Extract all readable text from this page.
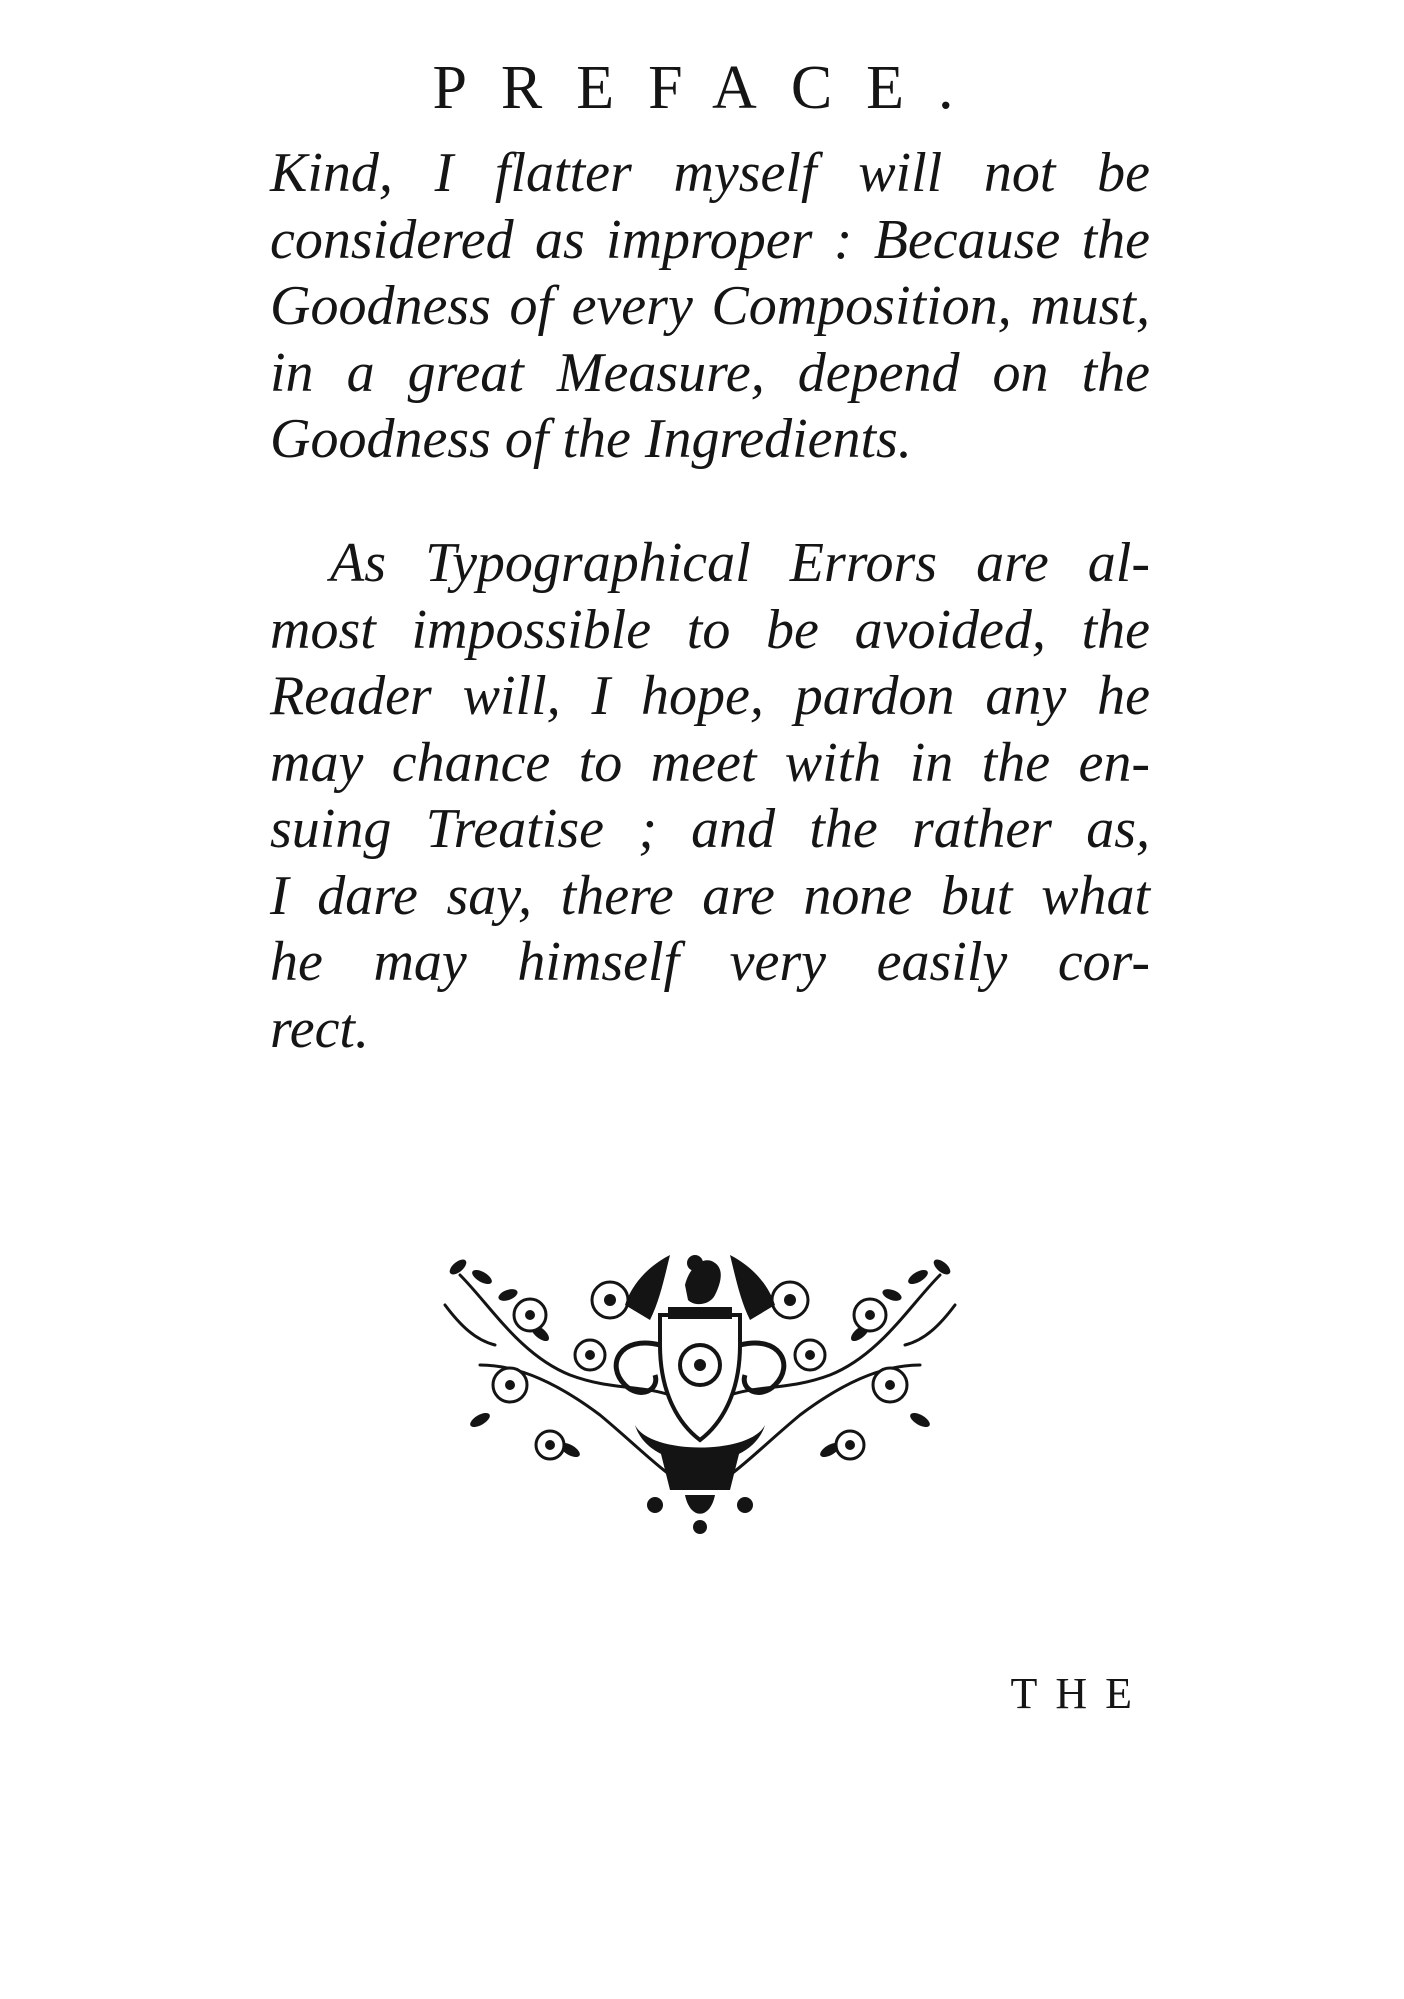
PREFACE.
Kind, I flatter myself will not be
considered as improper : Because the
Goodness of every Composition, must,
in a great Measure, depend on the
Goodness of the Ingredients.
As Typographical Errors are al-
most impossible to be avoided, the
Reader will, I hope, pardon any he
may chance to meet with in the en-
suing Treatise ; and the rather as,
I dare say, there are none but what
he may himself very easily cor-
rect.
THE
